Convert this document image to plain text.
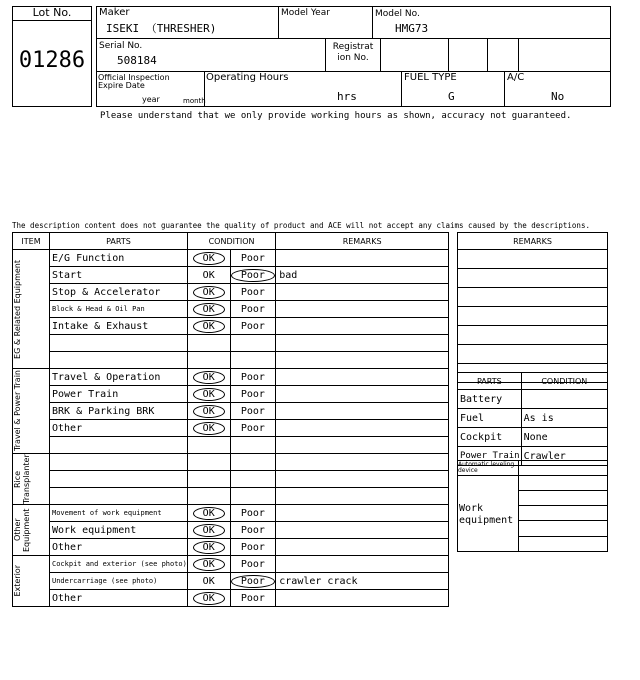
Lot No.
01286
Maker
ISEKI （THRESHER)
Model Year	Model No.
HMG73
Serial No.
508184
Registrat ion No.
Official Inspection
Expire Date
year	month
Operating Hours
hrs
FUEL TYPE
G
A/C
No
Please understand that we only provide working hours as shown, accuracy not guaranteed.
The description content does not guarantee the quality of product and ACE will not accept any claims caused by the descriptions.
ITEM	PARTS	CONDITION		REMARKS

EG & Related Equipment	E/G Function	OK	Poor	
	Start	OK	Poor	bad
	Stop & Accelerator	OK	Poor	
	Block & Head & Oil Pan	OK	Poor	
	Intake & Exhaust	OK	Poor	

Travel & Power Train	Travel & Operation	OK	Poor	
	Power Train	OK	Poor	
	BRK & Parking BRK	OK	Poor	
	Other	OK	Poor	

Rice Transplanter				

Other Equipment	Movement of work equipment	OK	Poor	
	Work equipment	OK	Poor	
	Other	OK	Poor	

Exterior	Cockpit and exterior (see photo)	OK	Poor	
	Undercarriage (see photo)	OK	Poor	crawler crack
	Other	OK	Poor	
REMARKS

PARTS	CONDITION
Battery	
Fuel	As is
Cockpit	None
Power Train	Crawler
Automatic leveling device
Work equipment
